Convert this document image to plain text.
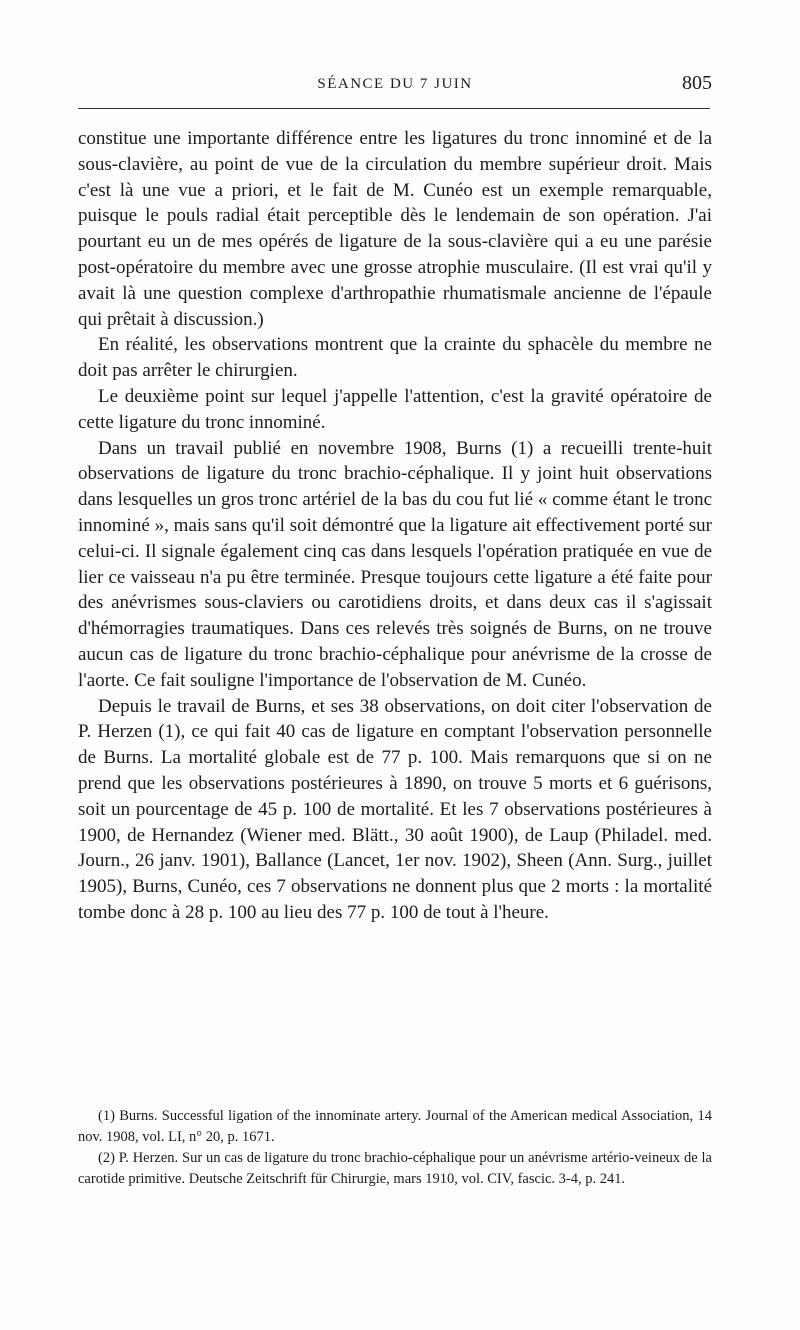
SÉANCE DU 7 JUIN	805

constitue une importante différence entre les ligatures du tronc innominé et de la sous-clavière, au point de vue de la circulation du membre supérieur droit. Mais c'est là une vue a priori, et le fait de M. Cunéo est un exemple remarquable, puisque le pouls radial était perceptible dès le lendemain de son opération. J'ai pourtant eu un de mes opérés de ligature de la sous-clavière qui a eu une parésie post-opératoire du membre avec une grosse atrophie musculaire. (Il est vrai qu'il y avait là une question complexe d'arthropathie rhumatismale ancienne de l'épaule qui prêtait à discussion.)

En réalité, les observations montrent que la crainte du sphacèle du membre ne doit pas arrêter le chirurgien.

Le deuxième point sur lequel j'appelle l'attention, c'est la gravité opératoire de cette ligature du tronc innominé.

Dans un travail publié en novembre 1908, Burns (1) a recueilli trente-huit observations de ligature du tronc brachio-céphalique. Il y joint huit observations dans lesquelles un gros tronc artériel de la bas du cou fut lié « comme étant le tronc innominé », mais sans qu'il soit démontré que la ligature ait effectivement porté sur celui-ci. Il signale également cinq cas dans lesquels l'opération pratiquée en vue de lier ce vaisseau n'a pu être terminée. Presque toujours cette ligature a été faite pour des anévrismes sous-claviers ou carotidiens droits, et dans deux cas il s'agissait d'hémorragies traumatiques. Dans ces relevés très soignés de Burns, on ne trouve aucun cas de ligature du tronc brachio-céphalique pour anévrisme de la crosse de l'aorte. Ce fait souligne l'importance de l'observation de M. Cunéo.

Depuis le travail de Burns, et ses 38 observations, on doit citer l'observation de P. Herzen (1), ce qui fait 40 cas de ligature en comptant l'observation personnelle de Burns. La mortalité globale est de 77 p. 100. Mais remarquons que si on ne prend que les observations postérieures à 1890, on trouve 5 morts et 6 guérisons, soit un pourcentage de 45 p. 100 de mortalité. Et les 7 observations postérieures à 1900, de Hernandez (Wiener med. Blätt., 30 août 1900), de Laup (Philadel. med. Journ., 26 janv. 1901), Ballance (Lancet, 1er nov. 1902), Sheen (Ann. Surg., juillet 1905), Burns, Cunéo, ces 7 observations ne donnent plus que 2 morts : la mortalité tombe donc à 28 p. 100 au lieu des 77 p. 100 de tout à l'heure.

(1) Burns. Successful ligation of the innominate artery. Journal of the American medical Association, 14 nov. 1908, vol. LI, n° 20, p. 1671.

(2) P. Herzen. Sur un cas de ligature du tronc brachio-céphalique pour un anévrisme artério-veineux de la carotide primitive. Deutsche Zeitschrift für Chirurgie, mars 1910, vol. CIV, fascic. 3-4, p. 241.
